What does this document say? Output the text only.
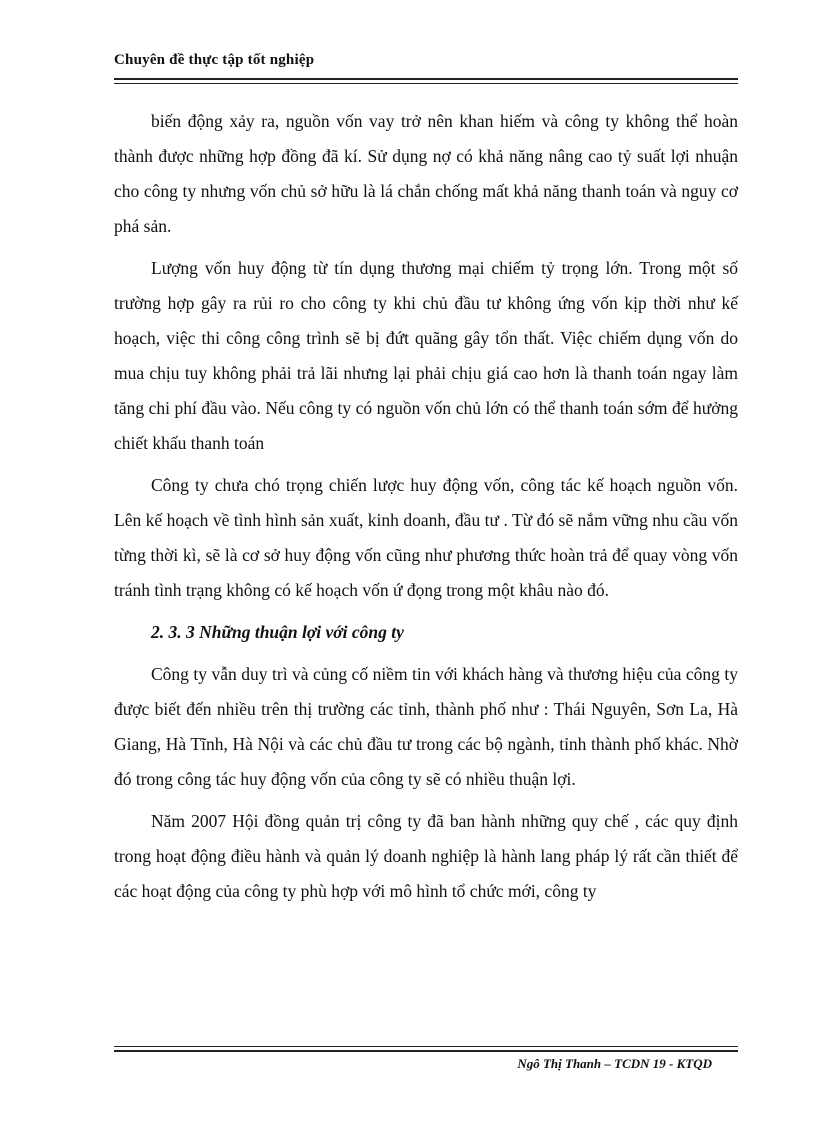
Chuyên đề thực tập tốt nghiệp

biến động xảy ra, nguồn vốn vay trở nên khan hiếm và công ty không thể hoàn thành được những hợp đồng đã kí. Sử dụng nợ có khả năng nâng cao tỷ suất lợi nhuận cho công ty nhưng vốn chủ sở hữu là lá chắn chống mất khả năng thanh toán và nguy cơ phá sản.

Lượng vốn huy động từ tín dụng thương mại chiếm tỷ trọng lớn. Trong một số trường hợp gây ra rủi ro cho công ty khi chủ đầu tư không ứng vốn kịp thời như kế hoạch, việc thi công công trình sẽ bị đứt quãng gây tổn thất. Việc chiếm dụng vốn do mua chịu tuy không phải trả lãi nhưng lại phải chịu giá cao hơn là thanh toán ngay làm tăng chi phí đầu vào. Nếu công ty có nguồn vốn chủ lớn có thể thanh toán sớm để hưởng chiết khấu thanh toán

Công ty chưa chó trọng chiến lược huy động vốn, công tác kế hoạch nguồn vốn. Lên kế hoạch về tình hình sản xuất, kinh doanh, đầu tư . Từ đó sẽ nắm vững nhu cầu vốn từng thời kì, sẽ là cơ sở huy động vốn cũng như phương thức hoàn trả để quay vòng vốn tránh tình trạng không có kế hoạch vốn ứ đọng trong một khâu nào đó.

2. 3. 3 Những thuận lợi với công ty

Công ty vẫn duy trì và củng cố niềm tin với khách hàng và thương hiệu của công ty được biết đến nhiều trên thị trường các tỉnh, thành phố như : Thái Nguyên, Sơn La, Hà Giang, Hà Tĩnh, Hà Nội và các chủ đầu tư trong các bộ ngành, tỉnh thành phố khác. Nhờ đó trong công tác huy động vốn của công ty sẽ có nhiều thuận lợi.

Năm 2007 Hội đồng quản trị công ty đã ban hành những quy chế , các quy định trong hoạt động điều hành và quản lý doanh nghiệp là hành lang pháp lý rất cần thiết để các hoạt động của công ty phù hợp với mô hình tổ chức mới, công ty

Ngô Thị Thanh – TCDN 19 - KTQD
